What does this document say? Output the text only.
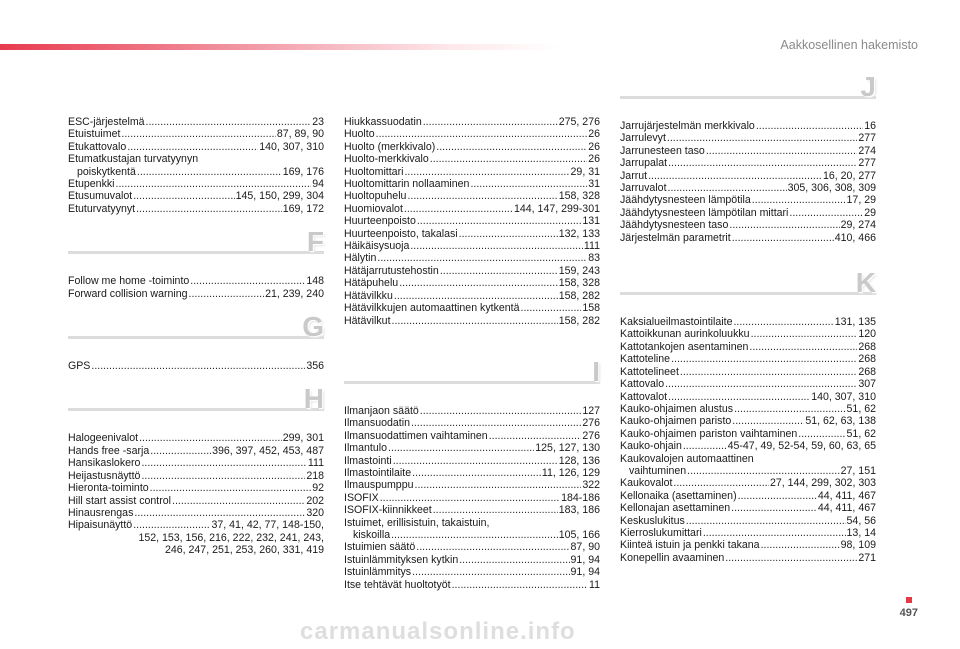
Aakkosellinen hakemisto
ESC-järjestelmä .....	23
Etuistuimet .....	87, 89, 90
Etukattovalo .....	140, 307, 310
Etumatkustajan turvatyynyn
poiskytkentä .....	169, 176
Etupenkki .....	94
Etusumuvalot .....	145, 150, 299, 304
Etuturvatyynyt .....	169, 172
F
Follow me home -toiminto .....	148
Forward collision warning .....	21, 239, 240
G
GPS .....	356
H
Halogeenivalot .....	299, 301
Hands free -sarja .....	396, 397, 452, 453, 487
Hansikaslokero .....	111
Heijastusnäyttö .....	218
Hieronta-toiminto .....	92
Hill start assist control .....	202
Hinausrengas .....	320
Hipaisunäyttö .....	37, 41, 42, 77, 148-150,
152, 153, 156, 216, 222, 232, 241, 243,
246, 247, 251, 253, 260, 331, 419
Hiukkassuodatin .....	275, 276
Huolto .....	26
Huolto (merkkivalo) .....	26
Huolto-merkkivalo .....	26
Huoltomittari .....	29, 31
Huoltomittarin nollaaminen .....	31
Huoltopuhelu .....	158, 328
Huomiovalot .....	144, 147, 299-301
Huurteenpoisto .....	131
Huurteenpoisto, takalasi .....	132, 133
Häikäisysuoja .....	111
Hälytin .....	83
Hätäjarrutustehostin .....	159, 243
Hätäpuhelu .....	158, 328
Hätävilkku .....	158, 282
Hätävilkkujen automaattinen kytkentä .....	158
Hätävilkut .....	158, 282
I
Ilmanjaon säätö .....	127
Ilmansuodatin .....	276
Ilmansuodattimen vaihtaminen .....	276
Ilmantulo .....	125, 127, 130
Ilmastointi .....	128, 136
Ilmastointilaite .....	11, 126, 129
Ilmauspumppu .....	322
ISOFIX .....	184-186
ISOFIX-kiinnikkeet .....	183, 186
Istuimet, erillisistuin, takaistuin,
kiskoilla .....	105, 166
Istuimien säätö .....	87, 90
Istuinlämmityksen kytkin .....	91, 94
Istuinlämmitys .....	91, 94
Itse tehtävät huoltotyöt .....	11
J
Jarrujärjestelmän merkkivalo .....	16
Jarrulevyt .....	277
Jarrunesteen taso .....	274
Jarrupalat .....	277
Jarrut .....	16, 20, 277
Jarruvalot .....	305, 306, 308, 309
Jäähdytysnesteen lämpötila .....	17, 29
Jäähdytysnesteen lämpötilan mittari .....	29
Jäähdytysnesteen taso .....	29, 274
Järjestelmän parametrit .....	410, 466
K
Kaksialueilmastointilaite .....	131, 135
Kattoikkunan aurinkoluukku .....	120
Kattotankojen asentaminen .....	268
Kattoteline .....	268
Kattotelineet .....	268
Kattovalo .....	307
Kattovalot .....	140, 307, 310
Kauko-ohjaimen alustus .....	51, 62
Kauko-ohjaimen paristo .....	51, 62, 63, 138
Kauko-ohjaimen pariston vaihtaminen .....	51, 62
Kauko-ohjain .....	45-47, 49, 52-54, 59, 60, 63, 65
Kaukovalojen automaattinen
vaihtuminen .....	27, 151
Kaukovalot .....	27, 144, 299, 302, 303
Kellonaika (asettaminen) .....	44, 411, 467
Kellonajan asettaminen .....	44, 411, 467
Keskuslukitus .....	54, 56
Kierroslukumittari .....	13, 14
Kiinteä istuin ja penkki takana .....	98, 109
Konepellin avaaminen .....	271
497
carmanualsonline.info
